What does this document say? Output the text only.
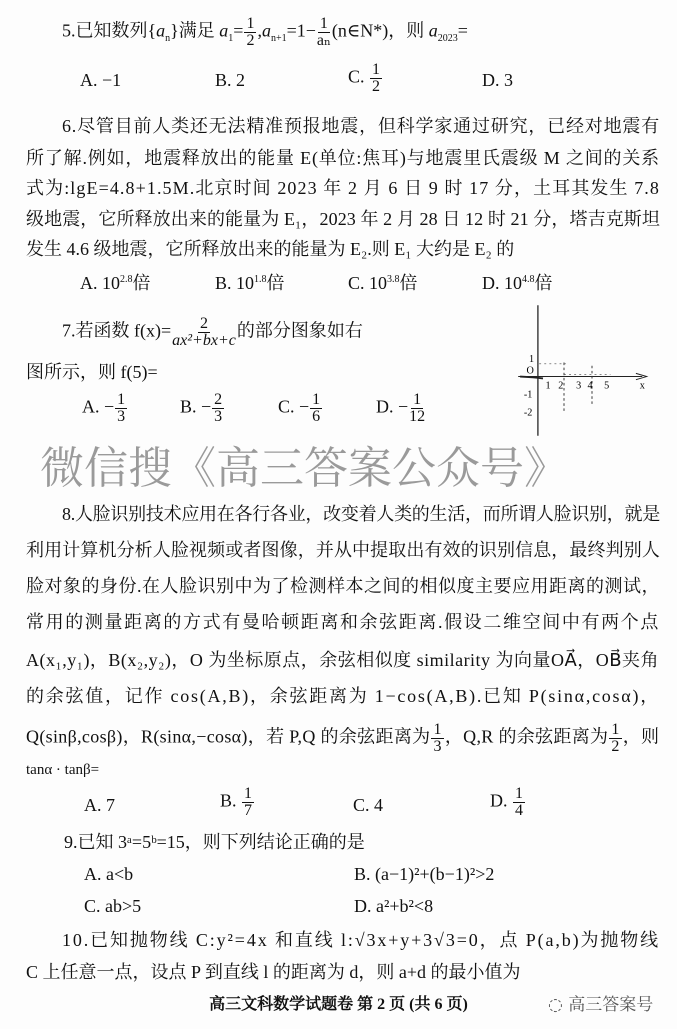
5.已知数列$\{a_n\}$满足 $a_1= \frac{1}{2} ,a_{n+1}=1- \frac{1}{\text{aₙ}}$ (n∈N*)，则 $a_{2023}=$
A. −1	B. 2	C. $\frac{1}{2}$	D. 3
6.尽管目前人类还无法精准预报地震，但科学家通过研究，已经对地震有
所了解.例如，地震释放出的能量 E(单位:焦耳)与地震里氏震级 M 之间的关系
式为:lgE=4.8+1.5M.北京时间 2023 年 2 月 6 日 9 时 17 分，土耳其发生 7.8
级地震，它所释放出来的能量为 E₁，2023 年 2 月 28 日 12 时 21 分，塔吉克斯坦
发生 4.6 级地震，它所释放出来的能量为 E₂.则 E₁ 大约是 E₂ 的
A. $10^{2.8}$倍	B. $10^{1.8}$倍	C. $10^{3.8}$倍	D. $10^{4.8}$倍
7.若函数 $f(x)= \frac{2}{\text{ax²+bx+c}}$ 的部分图象如右
图所示，则 f(5)=
A. − $\frac{1}{3}$	B. − $\frac{2}{3}$	C. − $\frac{1}{6}$	D. − $\frac{1}{12}$
O
x
1 2 3 4 5
1
-1
-2
微信搜《高三答案公众号》
8.人脸识别技术应用在各行各业，改变着人类的生活，而所谓人脸识别，就是
利用计算机分析人脸视频或者图像，并从中提取出有效的识别信息，最终判别人
脸对象的身份.在人脸识别中为了检测样本之间的相似度主要应用距离的测试，
常用的测量距离的方式有曼哈顿距离和余弦距离.假设二维空间中有两个点
A(x₁,y₁)，B(x₂,y₂)，O 为坐标原点，余弦相似度 similarity 为向量OA⃗，OB⃗夹角
的余弦值，记作 cos(A,B)，余弦距离为 1−cos(A,B).已知 P(sinα,cosα)，
Q(sinβ,cosβ)，R(sinα,−cosα)，若 P,Q 的余弦距离为 $\frac{1}{3}$ ，Q,R 的余弦距离为 $\frac{1}{2}$ ，则
tanα · tanβ=
A. 7	B. $\frac{1}{7}$	C. 4	D. $\frac{1}{4}$
9.已知 3ᵃ=5ᵇ=15，则下列结论正确的是
A. a<b	B. (a−1)²+(b−1)²>2
C. ab>5	D. a²+b²<8
10.已知抛物线 C:y²=4x 和直线 l:√3x+y+3√3=0，点 P(a,b)为抛物线
C 上任意一点，设点 P 到直线 l 的距离为 d，则 a+d 的最小值为
高三文科数学试题卷 第 2 页 (共 6 页)	◌ 高三答案号
